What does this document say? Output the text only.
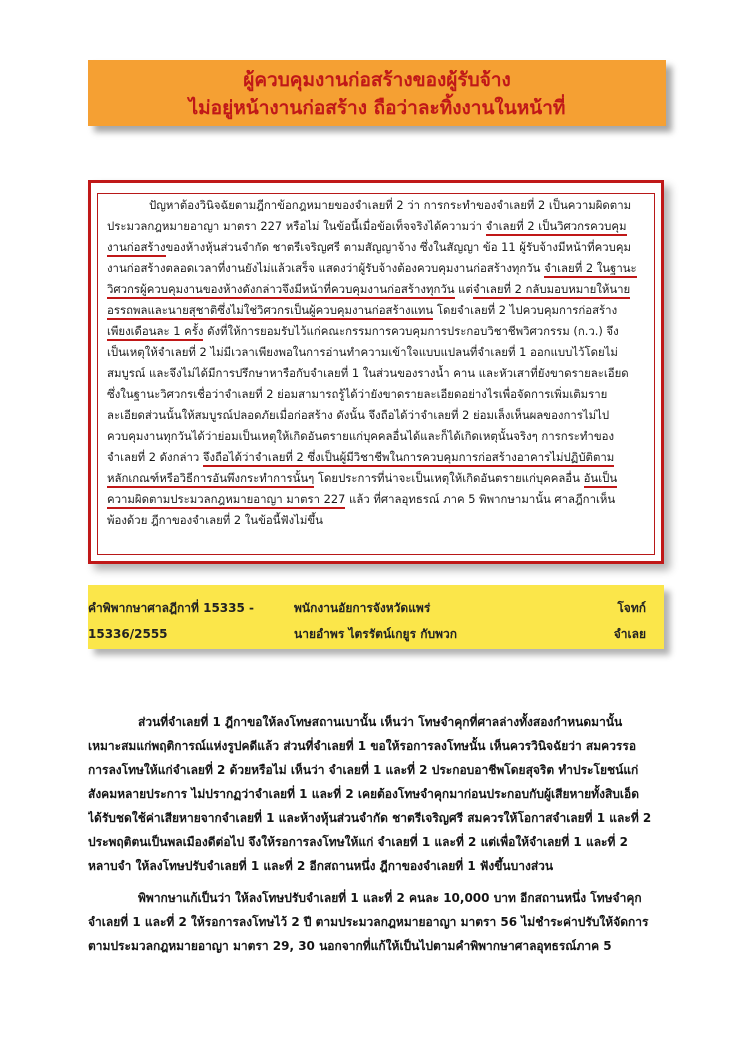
ผู้ควบคุมงานก่อสร้างของผู้รับจ้าง
ไม่อยู่หน้างานก่อสร้าง ถือว่าละทิ้งงานในหน้าที่
ปัญหาต้องวินิจฉัยตามฎีกาข้อกฎหมายของจำเลยที่ 2 ว่า การกระทำของจำเลยที่ 2 เป็นความผิดตาม
ประมวลกฎหมายอาญา มาตรา 227 หรือไม่ ในข้อนี้เมื่อข้อเท็จจริงได้ความว่า จำเลยที่ 2 เป็นวิศวกรควบคุม
งานก่อสร้างของห้างหุ้นส่วนจำกัด ชาตรีเจริญศรี ตามสัญญาจ้าง ซึ่งในสัญญา ข้อ 11 ผู้รับจ้างมีหน้าที่ควบคุม
งานก่อสร้างตลอดเวลาที่งานยังไม่แล้วเสร็จ แสดงว่าผู้รับจ้างต้องควบคุมงานก่อสร้างทุกวัน จำเลยที่ 2 ในฐานะ
วิศวกรผู้ควบคุมงานของห้างดังกล่าวจึงมีหน้าที่ควบคุมงานก่อสร้างทุกวัน แต่จำเลยที่ 2 กลับมอบหมายให้นาย
อรรถพลและนายสุชาติซึ่งไม่ใช่วิศวกรเป็นผู้ควบคุมงานก่อสร้างแทน โดยจำเลยที่ 2 ไปควบคุมการก่อสร้าง
เพียงเดือนละ 1 ครั้ง ดังที่ให้การยอมรับไว้แก่คณะกรรมการควบคุมการประกอบวิชาชีพวิศวกรรม (ก.ว.) จึง
เป็นเหตุให้จำเลยที่ 2 ไม่มีเวลาเพียงพอในการอ่านทำความเข้าใจแบบแปลนที่จำเลยที่ 1 ออกแบบไว้โดยไม่
สมบูรณ์ และจึงไม่ได้มีการปรึกษาหารือกับจำเลยที่ 1 ในส่วนของรางน้ำ คาน และหัวเสาที่ยังขาดรายละเอียด
ซึ่งในฐานะวิศวกรเชื่อว่าจำเลยที่ 2 ย่อมสามารถรู้ได้ว่ายังขาดรายละเอียดอย่างไรเพื่อจัดการเพิ่มเติมราย
ละเอียดส่วนนั้นให้สมบูรณ์ปลอดภัยเมื่อก่อสร้าง ดังนั้น จึงถือได้ว่าจำเลยที่ 2 ย่อมเล็งเห็นผลของการไม่ไป
ควบคุมงานทุกวันได้ว่าย่อมเป็นเหตุให้เกิดอันตรายแก่บุคคลอื่นได้และก็ได้เกิดเหตุนั้นจริงๆ การกระทำของ
จำเลยที่ 2 ดังกล่าว จึงถือได้ว่าจำเลยที่ 2 ซึ่งเป็นผู้มีวิชาชีพในการควบคุมการก่อสร้างอาคารไม่ปฏิบัติตาม
หลักเกณฑ์หรือวิธีการอันพึงกระทำการนั้นๆ โดยประการที่น่าจะเป็นเหตุให้เกิดอันตรายแก่บุคคลอื่น อันเป็น
ความผิดตามประมวลกฎหมายอาญา มาตรา 227 แล้ว ที่ศาลอุทธรณ์ ภาค 5 พิพากษามานั้น ศาลฎีกาเห็น
พ้องด้วย ฎีกาของจำเลยที่ 2 ในข้อนี้ฟังไม่ขึ้น
คำพิพากษาศาลฎีกาที่ 15335 -
15336/2555
พนักงานอัยการจังหวัดแพร่
นายอำพร ไตรรัตน์เกยูร กับพวก
โจทก์
จำเลย
ส่วนที่จำเลยที่ 1 ฎีกาขอให้ลงโทษสถานเบานั้น เห็นว่า โทษจำคุกที่ศาลล่างทั้งสองกำหนดมานั้น
เหมาะสมแก่พฤติการณ์แห่งรูปคดีแล้ว ส่วนที่จำเลยที่ 1 ขอให้รอการลงโทษนั้น เห็นควรวินิจฉัยว่า สมควรรอ
การลงโทษให้แก่จำเลยที่ 2 ด้วยหรือไม่ เห็นว่า จำเลยที่ 1 และที่ 2 ประกอบอาชีพโดยสุจริต ทำประโยชน์แก่
สังคมหลายประการ ไม่ปรากฏว่าจำเลยที่ 1 และที่ 2 เคยต้องโทษจำคุกมาก่อนประกอบกับผู้เสียหายทั้งสิบเอ็ด
ได้รับชดใช้ค่าเสียหายจากจำเลยที่ 1 และห้างหุ้นส่วนจำกัด ชาตรีเจริญศรี สมควรให้โอกาสจำเลยที่ 1 และที่ 2
ประพฤติตนเป็นพลเมืองดีต่อไป จึงให้รอการลงโทษให้แก่ จำเลยที่ 1 และที่ 2 แต่เพื่อให้จำเลยที่ 1 และที่ 2
หลาบจำ ให้ลงโทษปรับจำเลยที่ 1 และที่ 2 อีกสถานหนึ่ง ฎีกาของจำเลยที่ 1 ฟังขึ้นบางส่วน
พิพากษาแก้เป็นว่า ให้ลงโทษปรับจำเลยที่ 1 และที่ 2 คนละ 10,000 บาท อีกสถานหนึ่ง โทษจำคุก
จำเลยที่ 1 และที่ 2 ให้รอการลงโทษไว้ 2 ปี ตามประมวลกฎหมายอาญา มาตรา 56 ไม่ชำระค่าปรับให้จัดการ
ตามประมวลกฎหมายอาญา มาตรา 29, 30 นอกจากที่แก้ให้เป็นไปตามคำพิพากษาศาลอุทธรณ์ภาค 5
